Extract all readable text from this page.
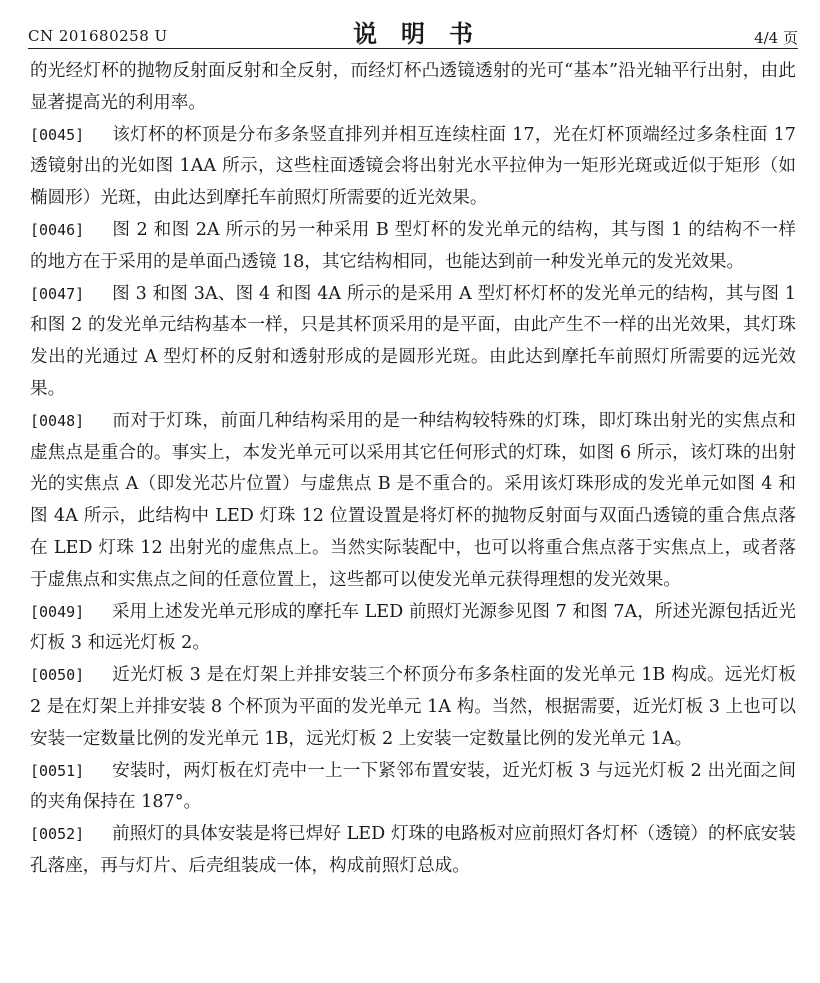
CN 201680258 U	说明书	4/4 页

的光经灯杯的抛物反射面反射和全反射，而经灯杯凸透镜透射的光可“基本”沿光轴平行出射，由此显著提高光的利用率。

[0045] 该灯杯的杯顶是分布多条竖直排列并相互连续柱面 17，光在灯杯顶端经过多条柱面 17 透镜射出的光如图 1AA 所示，这些柱面透镜会将出射光水平拉伸为一矩形光斑或近似于矩形（如椭圆形）光斑，由此达到摩托车前照灯所需要的近光效果。

[0046] 图 2 和图 2A 所示的另一种采用 B 型灯杯的发光单元的结构，其与图 1 的结构不一样的地方在于采用的是单面凸透镜 18，其它结构相同，也能达到前一种发光单元的发光效果。

[0047] 图 3 和图 3A、图 4 和图 4A 所示的是采用 A 型灯杯灯杯的发光单元的结构，其与图 1 和图 2 的发光单元结构基本一样，只是其杯顶采用的是平面，由此产生不一样的出光效果，其灯珠发出的光通过 A 型灯杯的反射和透射形成的是圆形光斑。由此达到摩托车前照灯所需要的远光效果。

[0048] 而对于灯珠，前面几种结构采用的是一种结构较特殊的灯珠，即灯珠出射光的实焦点和虚焦点是重合的。事实上，本发光单元可以采用其它任何形式的灯珠，如图 6 所示，该灯珠的出射光的实焦点 A（即发光芯片位置）与虚焦点 B 是不重合的。采用该灯珠形成的发光单元如图 4 和图 4A 所示，此结构中 LED 灯珠 12 位置设置是将灯杯的抛物反射面与双面凸透镜的重合焦点落在 LED 灯珠 12 出射光的虚焦点上。当然实际装配中，也可以将重合焦点落于实焦点上，或者落于虚焦点和实焦点之间的任意位置上，这些都可以使发光单元获得理想的发光效果。

[0049] 采用上述发光单元形成的摩托车 LED 前照灯光源参见图 7 和图 7A，所述光源包括近光灯板 3 和远光灯板 2。

[0050] 近光灯板 3 是在灯架上并排安装三个杯顶分布多条柱面的发光单元 1B 构成。远光灯板 2 是在灯架上并排安装 8 个杯顶为平面的发光单元 1A 构。当然，根据需要，近光灯板 3 上也可以安装一定数量比例的发光单元 1B，远光灯板 2 上安装一定数量比例的发光单元 1A。

[0051] 安装时，两灯板在灯壳中一上一下紧邻布置安装，近光灯板 3 与远光灯板 2 出光面之间的夹角保持在 187°。

[0052] 前照灯的具体安装是将已焊好 LED 灯珠的电路板对应前照灯各灯杯（透镜）的杯底安装孔落座，再与灯片、后壳组装成一体，构成前照灯总成。
